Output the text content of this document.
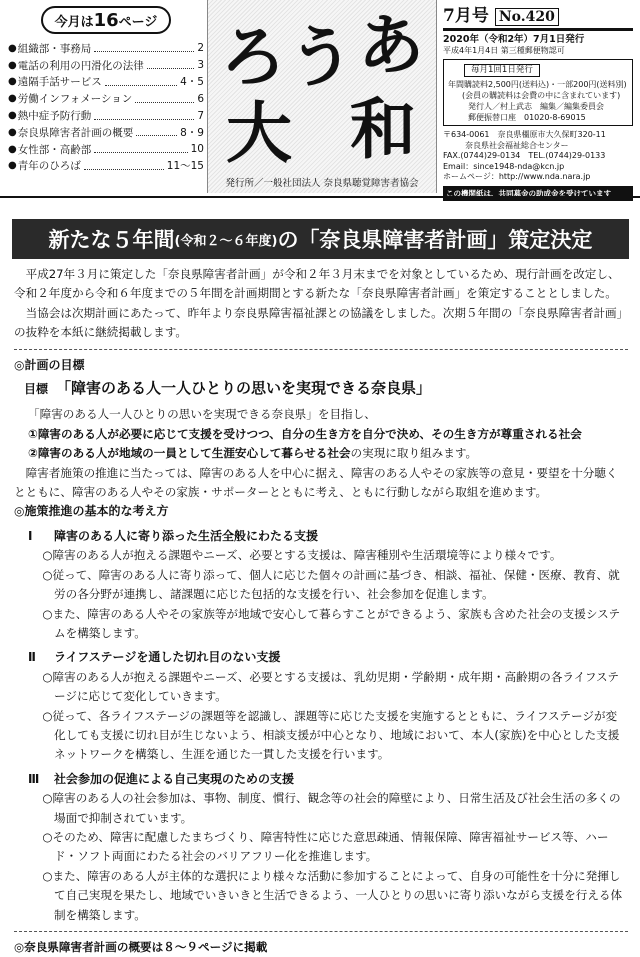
今月は 16 ページ
● 組織部・事務局	2
● 電話の利用の円滑化の法律	3
● 遠隔手話サービス	4・5
● 労働インフォメーション	6
● 熱中症予防行動	7
● 奈良県障害者計画の概要	8・9
● 女性部・高齢部	10
● 青年のひろば	11〜15
ろ う あ
大 和
発行所／一般社団法人 奈良県聴覚障害者協会
7月号 No.420
2020年（令和2年）7月1日発行
平成4年1月4日 第三種郵便物認可
毎月1回1日発行
年間購読料2,500円(送料込)・一部200円(送料別)
(会員の購読料は会費の中に含まれています)
発行人／村上武志　編集／編集委員会
郵便振替口座　01020-8-69015
〒634-0061　奈良県橿原市大久保町320-11
奈良県社会福祉総合センター
FAX.(0744)29-0134　TEL.(0744)29-0133
Email：since1948-nda@kcn.jp
ホームページ：http://www.nda.nara.jp
この機関紙は、共同募金の助成金を受けています
新たな５年間 (令和２〜６年度) の「奈良県障害者計画」策定決定

平成27年３月に策定した「奈良県障害者計画」が令和２年３月末までを対象としているため、現行計画を改定し、令和２年度から令和６年度までの５年間を計画期間とする新たな「奈良県障害者計画」を策定することとしました。

当協会は次期計画にあたって、昨年より奈良県障害福祉課との協議をしました。次期５年間の「奈良県障害者計画」の抜粋を本紙に継続掲載します。

◎計画の目標
目標 「障害のある人一人ひとりの思いを実現できる奈良県」
「障害のある人一人ひとりの思いを実現できる奈良県」を目指し、
①障害のある人が必要に応じて支援を受けつつ、自分の生き方を自分で決め、その生き方が尊重される社会
②障害のある人が地域の一員として生涯安心して暮らせる社会の実現に取り組みます。

障害者施策の推進に当たっては、障害のある人を中心に据え、障害のある人やその家族等の意見・要望を十分聴くとともに、障害のある人やその家族・サポーターとともに考え、ともに行動しながら取組を進めます。

◎施策推進の基本的な考え方
Ⅰ 障害のある人に寄り添った生活全般にわたる支援
○障害のある人が抱える課題やニーズ、必要とする支援は、障害種別や生活環境等により様々です。
○従って、障害のある人に寄り添って、個人に応じた個々の計画に基づき、相談、福祉、保健・医療、教育、就労の各分野が連携し、諸課題に応じた包括的な支援を行い、社会参加を促進します。
○また、障害のある人やその家族等が地域で安心して暮らすことができるよう、家族も含めた社会の支援システムを構築します。
Ⅱ ライフステージを通した切れ目のない支援
○障害のある人が抱える課題やニーズ、必要とする支援は、乳幼児期・学齢期・成年期・高齢期の各ライフステージに応じて変化していきます。
○従って、各ライフステージの課題等を認識し、課題等に応じた支援を実施するとともに、ライフステージが変化しても支援に切れ目が生じないよう、相談支援が中心となり、地域において、本人(家族)を中心とした支援ネットワークを構築し、生涯を通じた一貫した支援を行います。
Ⅲ 社会参加の促進による自己実現のための支援
○障害のある人の社会参加は、事物、制度、慣行、観念等の社会的障壁により、日常生活及び社会生活の多くの場面で抑制されています。
○そのため、障害に配慮したまちづくり、障害特性に応じた意思疎通、情報保障、障害福祉サービス等、ハード・ソフト両面にわたる社会のバリアフリー化を推進します。
○また、障害のある人が主体的な選択により様々な活動に参加することによって、自身の可能性を十分に発揮して自己実現を果たし、地域でいきいきと生活できるよう、一人ひとりの思いに寄り添いながら支援を行える体制を構築します。
◎奈良県障害者計画の概要は８〜９ページに掲載
